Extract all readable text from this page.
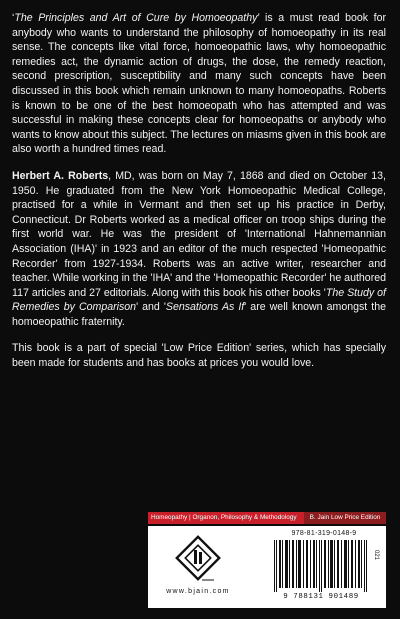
‘The Principles and Art of Cure by Homoeopathy’ is a must read book for anybody who wants to understand the philosophy of homoeopathy in its real sense. The concepts like vital force, homoeopathic laws, why homoeopathic remedies act, the dynamic action of drugs, the dose, the remedy reaction, second prescription, susceptibility and many such concepts have been discussed in this book which remain unknown to many homoeopaths. Roberts is known to be one of the best homoeopath who has attempted and was successful in making these concepts clear for homoeopaths or anybody who wants to know about this subject. The lectures on miasms given in this book are also worth a hundred times read.

Herbert A. Roberts, MD, was born on May 7, 1868 and died on October 13, 1950. He graduated from the New York Homoeopathic Medical College, practised for a while in Vermant and then set up his practice in Derby, Connecticut. Dr Roberts worked as a medical officer on troop ships during the first world war. He was the president of 'International Hahnemannian Association (IHA)' in 1923 and an editor of the much respected 'Homeopathic Recorder' from 1927-1934. Roberts was an active writer, researcher and teacher. While working in the 'IHA' and the 'Homeopathic Recorder' he authored 117 articles and 27 editorials. Along with this book his other books 'The Study of Remedies by Comparison' and 'Sensations As If' are well known amongst the homoeopathic fraternity.

This book is a part of special 'Low Price Edition' series, which has specially been made for students and has books at prices you would love.

Homeopathy | Organon, Philosophy & Methodology	B. Jain Low Price Edition
www.bjain.com
978-81-319-0148-9
9 788131 901489
021
